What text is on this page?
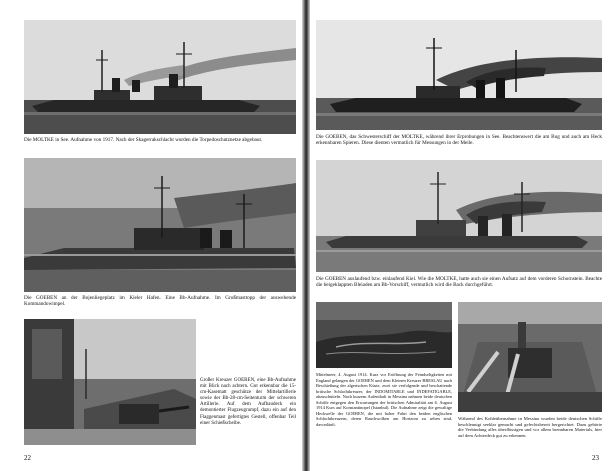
Die MOLTKE in See. Aufnahme von 1917. Nach der Skagerrakschlacht wurden die Torpedoschutznetze abgebaut.
Die GOEBEN an der Bojenliegeplatz im Kieler Hafen. Eine Bb-Aufnahme. Im Großmasttopp der auswehende Kommandowimpel.
Großer Kreuzer GOEBEN, eine Bb-Aufnahme mit Blick nach achtern. Gut erkennbar die 15-cm-Kasematt geschütze der Mittelartillerie sowie der Bb-28-cm-Seitenturm der schweren Artillerie. Auf dem Aufbaudeck ein demontierter Flugzeugrumpf, dazu ein auf den Flaggenmast gefertigtes Gestell, offenbar Teil einer Schießscheibe.
22
Die GOEBEN, das Schwesterschiff der MOLTKE, während ihrer Erprobungen in See. Beachtenswert die am Bug und auch am Heck erkennbaren Spieren. Diese dienten vermutlich für Messungen in der Meile.
Die GOEBEN auslaufend bzw. einlaufend Kiel. Wie die MOLTKE, hatte auch sie einen Aufsatz auf dem vorderen Schornstein. Beachte die beigeklappten Bleiaden am Bb-Vorschiff, vermutlich wird die Back durchgeführt.
Mittelmeer, 4. August 1914. Kurz vor Eröffnung der Feindseligkeiten mit England gelangen der GOEBEN und dem Kleinen Kreuzer BRESLAU nach Beschießung der algerischen Küste, zwei sie verfolgende und beschattende britische Schlachtkreuzer, der INDOMITABLE und INDEFATIGABLE, abzuschütteln. Nach kurzem Aufenthalt in Messina nahmen beide deutschen Schiffe entgegen den Erwartungen der britischen Admiralität am 6. August 1914 Kurs auf Konstantinopel (Istanbul). Die Aufnahme zeigt die gewaltige Heckwelle der GOEBEN, die mit hoher Fahrt den beiden englischen Schlachtkreuzern, deren Rauchwolken am Horizont zu sehen sind, davonläuft.
Während des Kohleübernahme in Messina wurden beide deutschen Schiffe beschleunigt seeklar gemacht und gefechtsbereit hergerichtet. Dazu gehörte die Verbindung alles überflüssigen und vor allem brennbaren Materials, hier auf dem Achterdeck gut zu erkennen.
23
